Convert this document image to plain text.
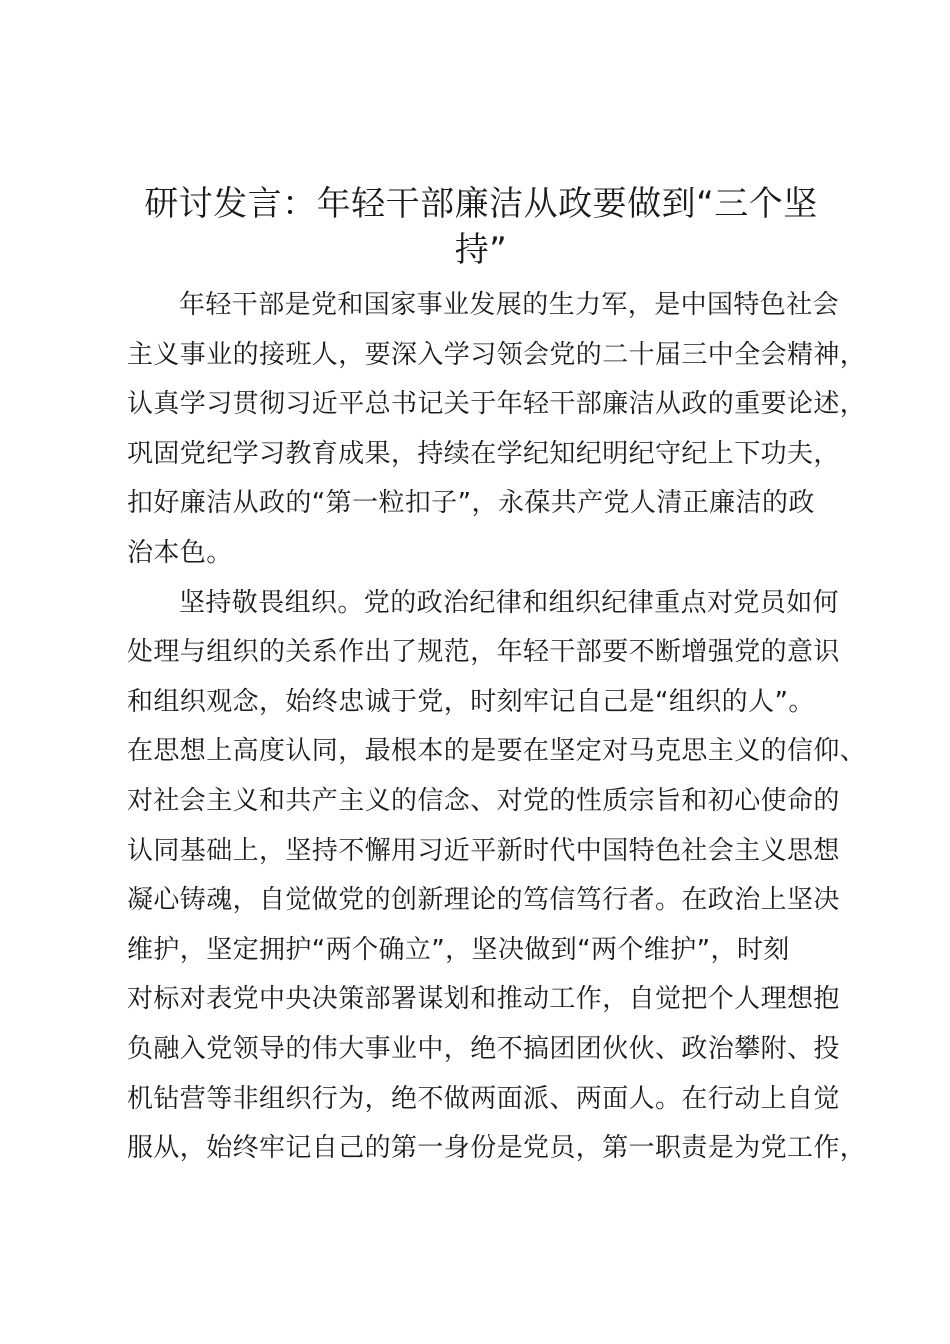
研讨发言：年轻干部廉洁从政要做到“三个坚
持”
年轻干部是党和国家事业发展的生力军，是中国特色社会
主义事业的接班人，要深入学习领会党的二十届三中全会精神，
认真学习贯彻习近平总书记关于年轻干部廉洁从政的重要论述，
巩固党纪学习教育成果，持续在学纪知纪明纪守纪上下功夫，
扣好廉洁从政的“第一粒扣子”，永葆共产党人清正廉洁的政
治本色。
坚持敬畏组织。党的政治纪律和组织纪律重点对党员如何
处理与组织的关系作出了规范，年轻干部要不断增强党的意识
和组织观念，始终忠诚于党，时刻牢记自己是“组织的人”。
在思想上高度认同，最根本的是要在坚定对马克思主义的信仰、
对社会主义和共产主义的信念、对党的性质宗旨和初心使命的
认同基础上，坚持不懈用习近平新时代中国特色社会主义思想
凝心铸魂，自觉做党的创新理论的笃信笃行者。在政治上坚决
维护，坚定拥护“两个确立”，坚决做到“两个维护”，时刻
对标对表党中央决策部署谋划和推动工作，自觉把个人理想抱
负融入党领导的伟大事业中，绝不搞团团伙伙、政治攀附、投
机钻营等非组织行为，绝不做两面派、两面人。在行动上自觉
服从，始终牢记自己的第一身份是党员，第一职责是为党工作，
